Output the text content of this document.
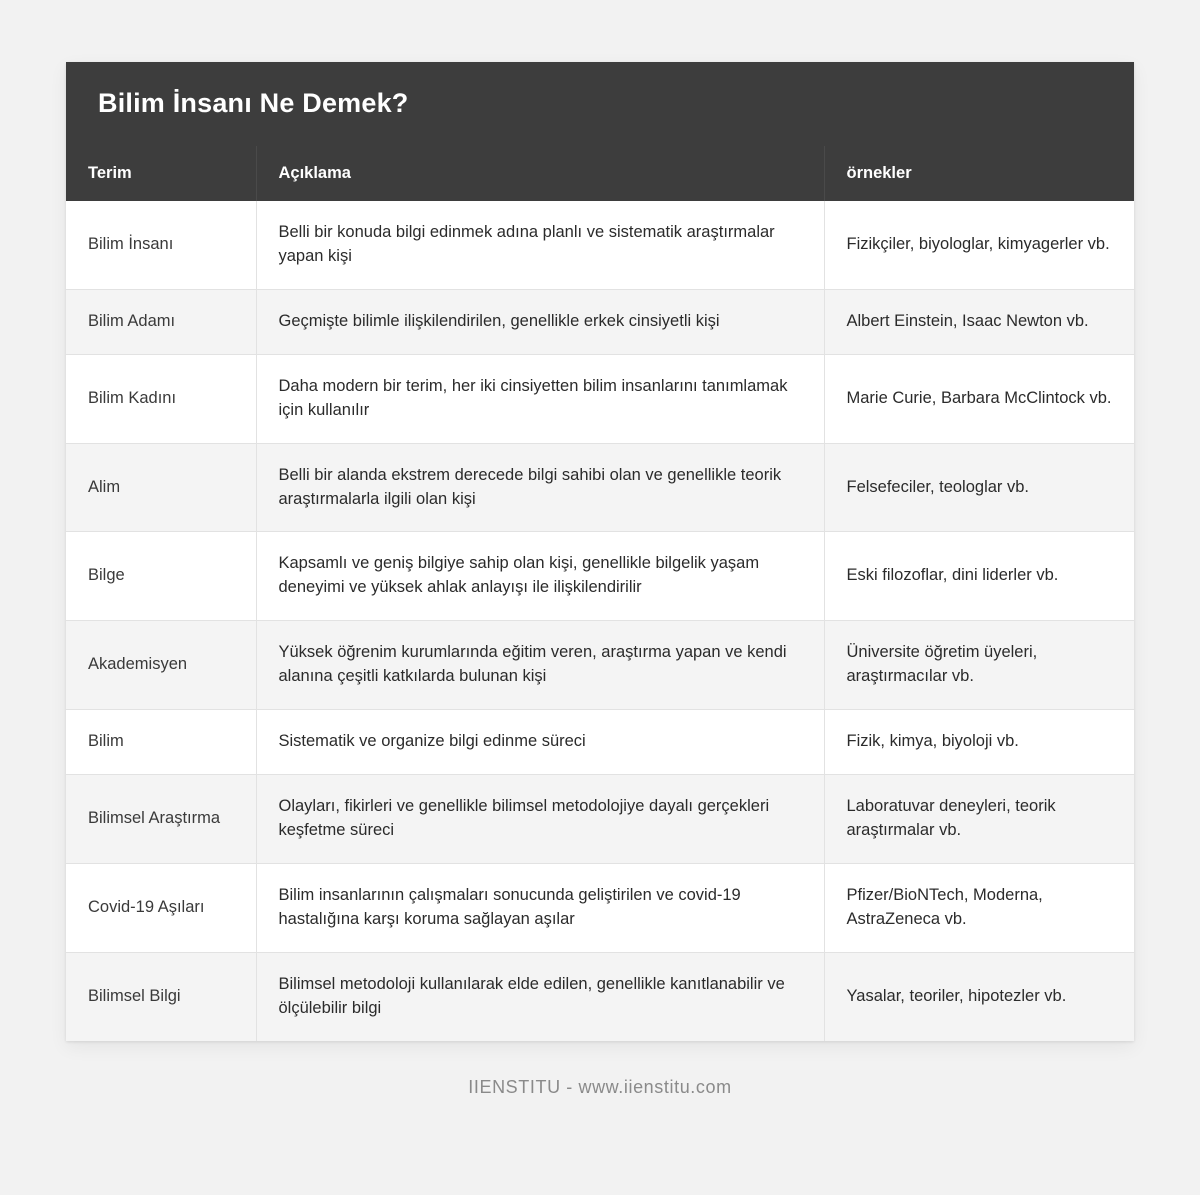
Bilim İnsanı Ne Demek?
Terim	Açıklama	örnekler
Bilim İnsanı	Belli bir konuda bilgi edinmek adına planlı ve sistematik araştırmalar yapan kişi	Fizikçiler, biyologlar, kimyagerler vb.
Bilim Adamı	Geçmişte bilimle ilişkilendirilen, genellikle erkek cinsiyetli kişi	Albert Einstein, Isaac Newton vb.
Bilim Kadını	Daha modern bir terim, her iki cinsiyetten bilim insanlarını tanımlamak için kullanılır	Marie Curie, Barbara McClintock vb.
Alim	Belli bir alanda ekstrem derecede bilgi sahibi olan ve genellikle teorik araştırmalarla ilgili olan kişi	Felsefeciler, teologlar vb.
Bilge	Kapsamlı ve geniş bilgiye sahip olan kişi, genellikle bilgelik yaşam deneyimi ve yüksek ahlak anlayışı ile ilişkilendirilir	Eski filozoflar, dini liderler vb.
Akademisyen	Yüksek öğrenim kurumlarında eğitim veren, araştırma yapan ve kendi alanına çeşitli katkılarda bulunan kişi	Üniversite öğretim üyeleri, araştırmacılar vb.
Bilim	Sistematik ve organize bilgi edinme süreci	Fizik, kimya, biyoloji vb.
Bilimsel Araştırma	Olayları, fikirleri ve genellikle bilimsel metodolojiye dayalı gerçekleri keşfetme süreci	Laboratuvar deneyleri, teorik araştırmalar vb.
Covid-19 Aşıları	Bilim insanlarının çalışmaları sonucunda geliştirilen ve covid-19 hastalığına karşı koruma sağlayan aşılar	Pfizer/BioNTech, Moderna, AstraZeneca vb.
Bilimsel Bilgi	Bilimsel metodoloji kullanılarak elde edilen, genellikle kanıtlanabilir ve ölçülebilir bilgi	Yasalar, teoriler, hipotezler vb.
IIENSTITU - www.iienstitu.com
